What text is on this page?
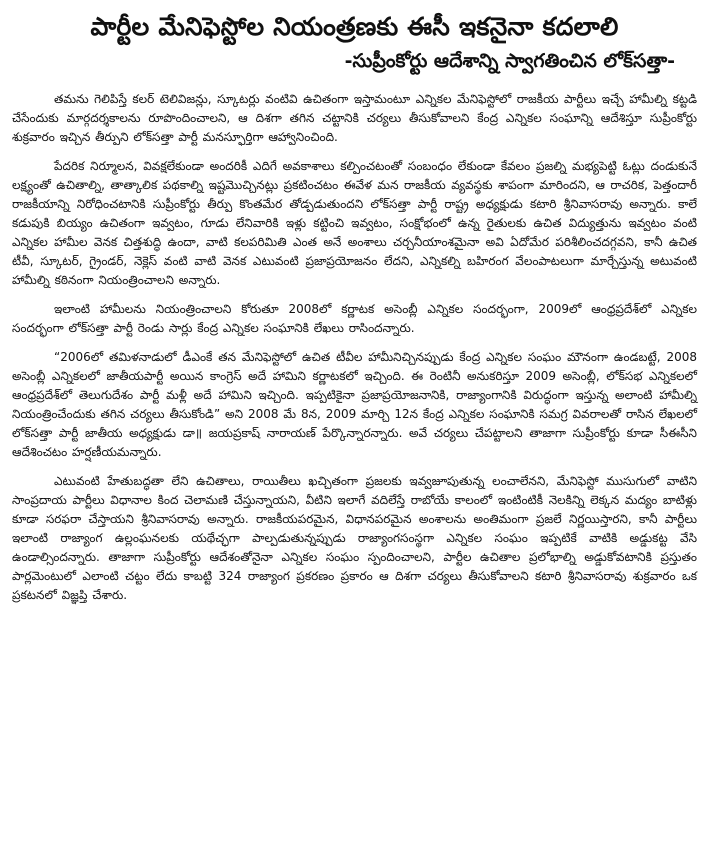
పార్టీల మేనిఫెస్టోల నియంత్రణకు ఈసీ ఇకనైనా కదలాలి
-సుప్రీంకోర్టు ఆదేశాన్ని స్వాగతించిన లోక్‌సత్తా-

తమను గెలిపిస్తే కలర్ టెలివిజన్లు, స్కూటర్లు వంటివి ఉచితంగా ఇస్తామంటూ ఎన్నికల మేనిఫెస్టోలో రాజకీయ పార్టీలు ఇచ్చే హామీల్ని కట్టడి చేసేందుకు మార్గదర్శకాలను రూపొందించాలని, ఆ దిశగా తగిన చట్టానికి చర్యలు తీసుకోవాలని కేంద్ర ఎన్నికల సంఘాన్ని ఆదేశిస్తూ సుప్రీంకోర్టు శుక్రవారం ఇచ్చిన తీర్పుని లోక్‌సత్తా పార్టీ మనస్ఫూర్తిగా ఆహ్వానించింది.

పేదరిక నిర్మూలన, వివక్షలేకుండా అందరికీ ఎదిగే అవకాశాలు కల్పించటంతో సంబంధం లేకుండా కేవలం ప్రజల్ని మభ్యపెట్టి ఓట్లు దండుకునే లక్ష్యంతో ఉచితాల్ని, తాత్కాలిక పథకాల్ని ఇష్టమొచ్చినట్లు ప్రకటించటం ఈవేళ మన రాజకీయ వ్యవస్థకు శాపంగా మారిందని, ఆ రాచరిక, పెత్తందారీ రాజకీయాన్ని నిరోధించటానికి సుప్రీంకోర్టు తీర్పు కొంతమేర తోడ్పడుతుందని లోక్‌సత్తా పార్టీ రాష్ట్ర అధ్యక్షుడు కటారి శ్రీనివాసరావు అన్నారు. కాలే కడుపుకి బియ్యం ఉచితంగా ఇవ్వటం, గూడు లేనివారికి ఇళ్లు కట్టించి ఇవ్వటం, సంక్షోభంలో ఉన్న రైతులకు ఉచిత విద్యుత్తును ఇవ్వటం వంటి ఎన్నికల హామీల వెనక చిత్తశుద్ధి ఉందా, వాటి కలపరిమితి ఎంత అనే అంశాలు చర్చనీయాంశమైనా అవి ఏదోమేర పరిశీలించదగ్గవని, కానీ ఉచిత టీవీ, స్కూటర్, గ్రైండర్, నెక్లెస్ వంటి వాటి వెనక ఎటువంటి ప్రజాప్రయోజనం లేదని, ఎన్నికల్ని బహిరంగ వేలంపాటలుగా మార్చేస్తున్న అటువంటి హామీల్ని కఠినంగా నియంత్రించాలని అన్నారు.

ఇలాంటి హామీలను నియంత్రించాలని కోరుతూ 2008లో కర్ణాటక అసెంబ్లీ ఎన్నికల సందర్భంగా, 2009లో ఆంధ్రప్రదేశ్‌లో ఎన్నికల సందర్భంగా లోక్‌సత్తా పార్టీ రెండు సార్లు కేంద్ర ఎన్నికల సంఘానికి లేఖలు రాసిందన్నారు.

“2006లో తమిళనాడులో డీఎంకే తన మేనిఫెస్టోలో ఉచిత టీవీల హామీనిచ్చినప్పుడు కేంద్ర ఎన్నికల సంఘం మౌనంగా ఉండబట్టే, 2008 అసెంబ్లీ ఎన్నికలలో జాతీయపార్టీ అయిన కాంగ్రెస్ అదే హామిని కర్ణాటకలో ఇచ్చింది. ఈ రెంటినీ అనుకరిస్తూ 2009 అసెంబ్లీ, లోక్‌సభ ఎన్నికలలో ఆంధ్రప్రదేశ్‌లో తెలుగుదేశం పార్టీ మళ్లీ అదే హామిని ఇచ్చింది. ఇప్పటికైనా ప్రజాప్రయోజనానికి, రాజ్యాంగానికి విరుద్ధంగా ఇస్తున్న అలాంటి హామీల్ని నియంత్రించేందుకు తగిన చర్యలు తీసుకోండి” అని 2008 మే 8న, 2009 మార్చి 12న కేంద్ర ఎన్నికల సంఘానికి సమగ్ర వివరాలతో రాసిన లేఖలలో లోక్‌సత్తా పార్టీ జాతీయ అధ్యక్షుడు డా॥ జయప్రకాష్ నారాయణ్ పేర్కొన్నారన్నారు. అవే చర్యలు చేపట్టాలని తాజాగా సుప్రీంకోర్టు కూడా సీఈసీని ఆదేశించటం హర్షణీయమన్నారు.

ఎటువంటి హేతుబద్ధతా లేని ఉచితాలు, రాయితీలు ఖచ్చితంగా ప్రజలకు ఇవ్వజూపుతున్న లంచాలేనని, మేనిఫెస్టో ముసుగులో వాటిని సాంప్రదాయ పార్టీలు విధానాల కింద చెలామణి చేస్తున్నాయని, వీటిని ఇలాగే వదిలేస్తే రాబోయే కాలంలో ఇంటింటికీ నెలకిన్ని లెక్కన మద్యం బాటిళ్లు కూడా సరఫరా చేస్తాయని శ్రీనివాసరావు అన్నారు. రాజకీయపరమైన, విధానపరమైన అంశాలను అంతిమంగా ప్రజలే నిర్ణయిస్తారని, కానీ పార్టీలు ఇలాంటి రాజ్యాంగ ఉల్లంఘనలకు యథేచ్ఛగా పాల్పడుతున్నప్పుడు రాజ్యాంగసంస్థగా ఎన్నికల సంఘం ఇప్పటికే వాటికి అడ్డుకట్ట వేసి ఉండాల్సిందన్నారు. తాజాగా సుప్రీంకోర్టు ఆదేశంతోనైనా ఎన్నికల సంఘం స్పందించాలని, పార్టీల ఉచితాల ప్రలోభాల్ని అడ్డుకోవటానికి ప్రస్తుతం పార్లమెంటులో ఎలాంటి చట్టం లేదు కాబట్టి 324 రాజ్యాంగ ప్రకరణం ప్రకారం ఆ దిశగా చర్యలు తీసుకోవాలని కటారి శ్రీనివాసరావు శుక్రవారం ఒక ప్రకటనలో విజ్ఞప్తి చేశారు.
